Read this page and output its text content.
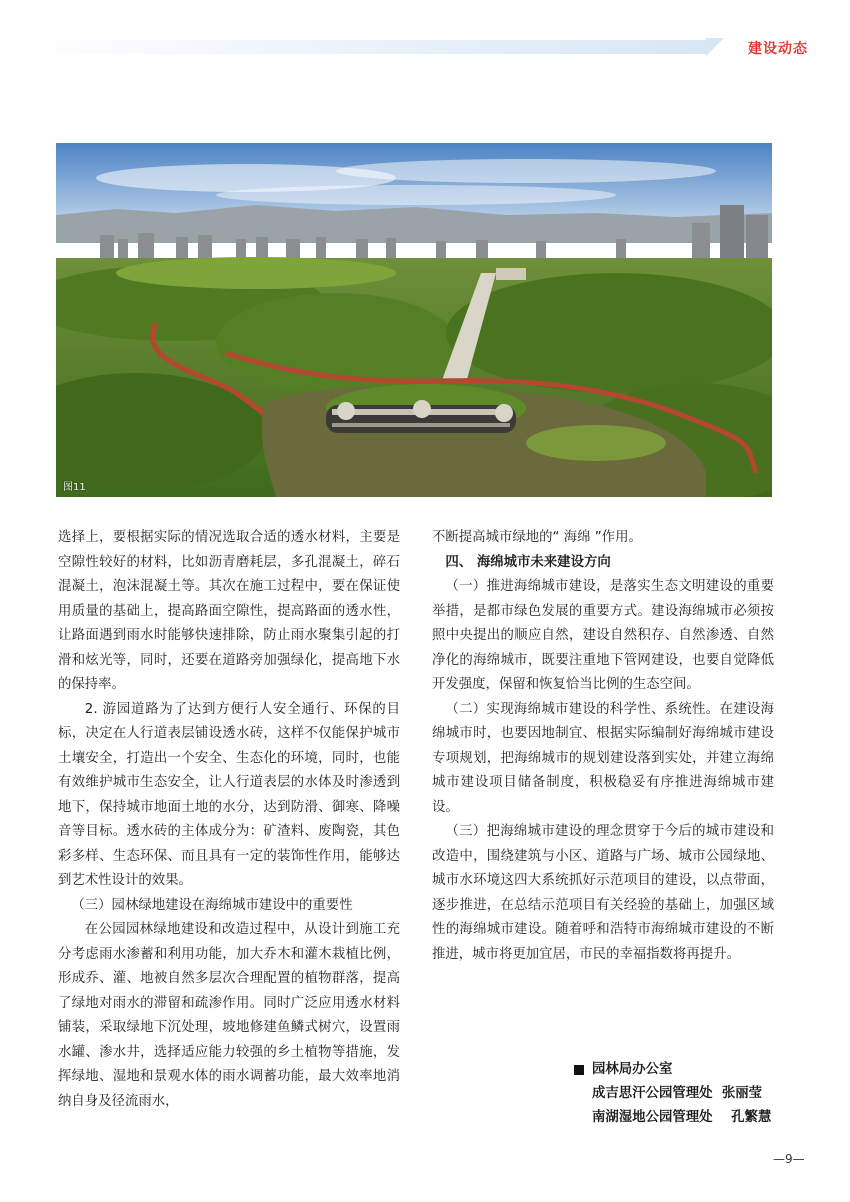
建设动态
图11

选择上，要根据实际的情况选取合适的透水材料，主要是空隙性较好的材料，比如沥青磨耗层，多孔混凝土，碎石混凝土，泡沫混凝土等。其次在施工过程中，要在保证使用质量的基础上，提高路面空隙性，提高路面的透水性，让路面遇到雨水时能够快速排除，防止雨水聚集引起的打滑和炫光等，同时，还要在道路旁加强绿化，提高地下水的保持率。

2. 游园道路为了达到方便行人安全通行、环保的目标，决定在人行道表层铺设透水砖，这样不仅能保护城市土壤安全，打造出一个安全、生态化的环境，同时，也能有效维护城市生态安全，让人行道表层的水体及时渗透到地下，保持城市地面土地的水分，达到防滑、御寒、降噪音等目标。透水砖的主体成分为：矿渣料、废陶瓷，其色彩多样、生态环保、而且具有一定的装饰性作用，能够达到艺术性设计的效果。

（三）园林绿地建设在海绵城市建设中的重要性

在公园园林绿地建设和改造过程中，从设计到施工充分考虑雨水渗蓄和利用功能，加大乔木和灌木栽植比例，形成乔、灌、地被自然多层次合理配置的植物群落，提高了绿地对雨水的滞留和疏渗作用。同时广泛应用透水材料铺装，采取绿地下沉处理，坡地修建鱼鳞式树穴，设置雨水罐、渗水井，选择适应能力较强的乡土植物等措施，发挥绿地、湿地和景观水体的雨水调蓄功能，最大效率地消纳自身及径流雨水，

不断提高城市绿地的“ 海绵 ”作用。

四、 海绵城市未来建设方向

（一）推进海绵城市建设，是落实生态文明建设的重要举措，是都市绿色发展的重要方式。建设海绵城市必须按照中央提出的顺应自然，建设自然积存、自然渗透、自然净化的海绵城市，既要注重地下管网建设，也要自觉降低开发强度，保留和恢复恰当比例的生态空间。

（二）实现海绵城市建设的科学性、系统性。在建设海绵城市时，也要因地制宜、根据实际编制好海绵城市建设专项规划，把海绵城市的规划建设落到实处，并建立海绵城市建设项目储备制度，积极稳妥有序推进海绵城市建设。

（三）把海绵城市建设的理念贯穿于今后的城市建设和改造中，围绕建筑与小区、道路与广场、城市公园绿地、城市水环境这四大系统抓好示范项目的建设，以点带面，逐步推进，在总结示范项目有关经验的基础上，加强区域性的海绵城市建设。随着呼和浩特市海绵城市建设的不断推进，城市将更加宜居，市民的幸福指数将再提升。

园林局办公室
成吉思汗公园管理处  张丽莹
南湖湿地公园管理处    孔繁慧
—9—
